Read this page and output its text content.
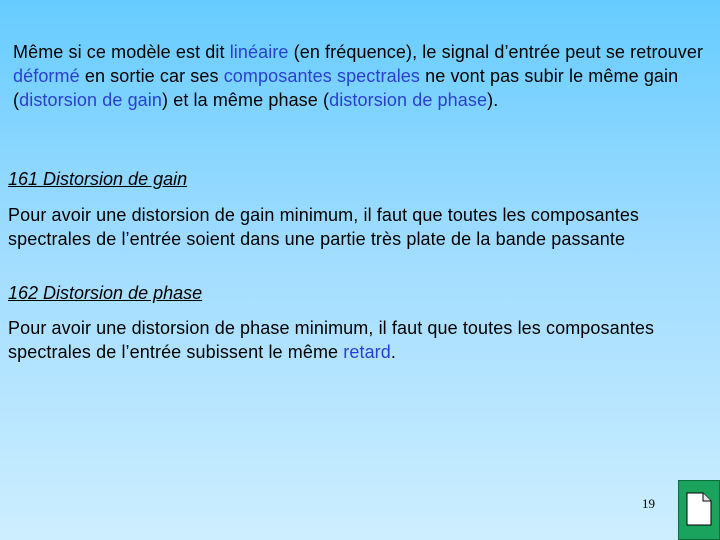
Même si ce modèle est dit linéaire (en fréquence), le signal d’entrée peut se retrouver déformé en sortie car ses composantes spectrales ne vont pas subir le même gain (distorsion de gain) et la même phase (distorsion de phase).

161 Distorsion de gain

Pour avoir une distorsion de gain minimum, il faut que toutes les composantes spectrales de l’entrée soient dans une partie très plate de la bande passante

162 Distorsion de phase

Pour avoir une distorsion de phase minimum, il faut que toutes les composantes spectrales de l’entrée subissent le même retard.

19
